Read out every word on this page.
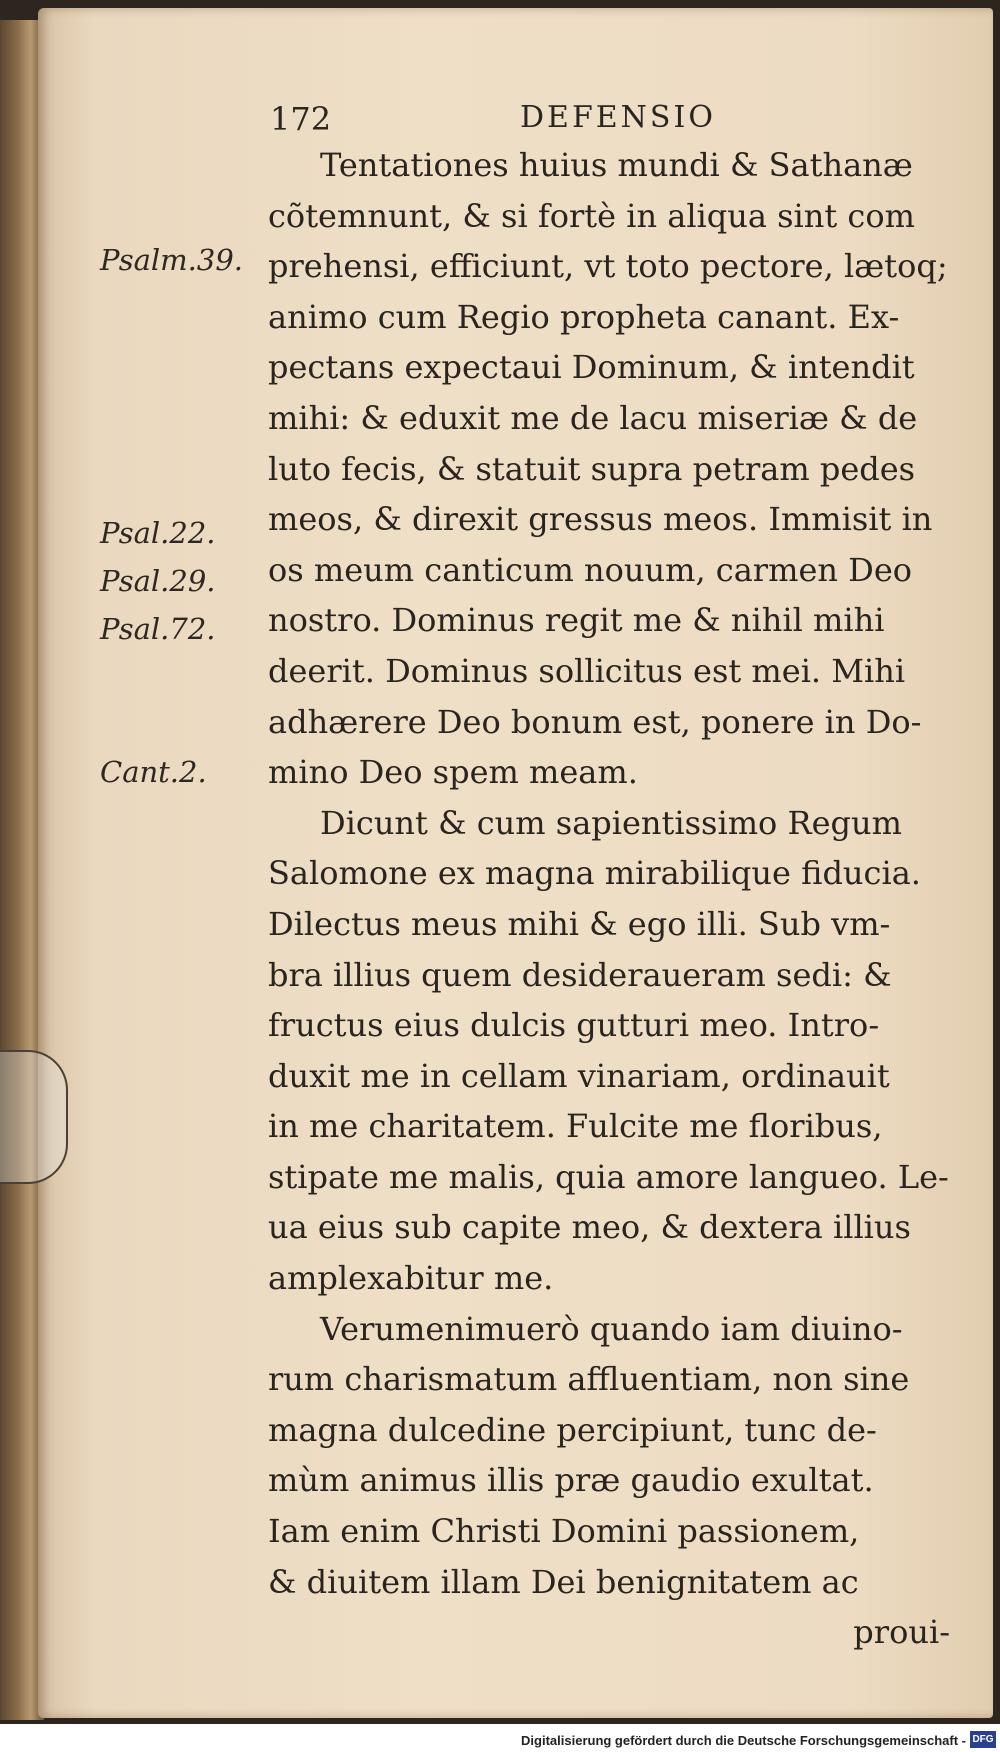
172	DEFENSIO
Psalm.39.
Psal.22.
Psal.29.
Psal.72.
Cant.2.
Tentationes huius mundi & Sathanæ
cõtemnunt, & si fortè in aliqua sint com
prehensi, efficiunt, vt toto pectore, lætoq;
animo cum Regio propheta canant. Ex-
pectans expectaui Dominum, & intendit
mihi: & eduxit me de lacu miseriæ & de
luto fecis, & statuit supra petram pedes
meos, & direxit gressus meos. Immisit in
os meum canticum nouum, carmen Deo
nostro. Dominus regit me & nihil mihi
deerit. Dominus sollicitus est mei. Mihi
adhærere Deo bonum est, ponere in Do-
mino Deo spem meam.
Dicunt & cum sapientissimo Regum
Salomone ex magna mirabilique fiducia.
Dilectus meus mihi & ego illi. Sub vm-
bra illius quem desideraueram sedi: &
fructus eius dulcis gutturi meo. Intro-
duxit me in cellam vinariam, ordinauit
in me charitatem. Fulcite me floribus,
stipate me malis, quia amore langueo. Le-
ua eius sub capite meo, & dextera illius
amplexabitur me.
Verumenimuerò quando iam diuino-
rum charismatum affluentiam, non sine
magna dulcedine percipiunt, tunc de-
mùm animus illis præ gaudio exultat.
Iam enim Christi Domini passionem,
& diuitem illam Dei benignitatem ac
proui-
Digitalisierung gefördert durch die Deutsche Forschungsgemeinschaft - DFG
